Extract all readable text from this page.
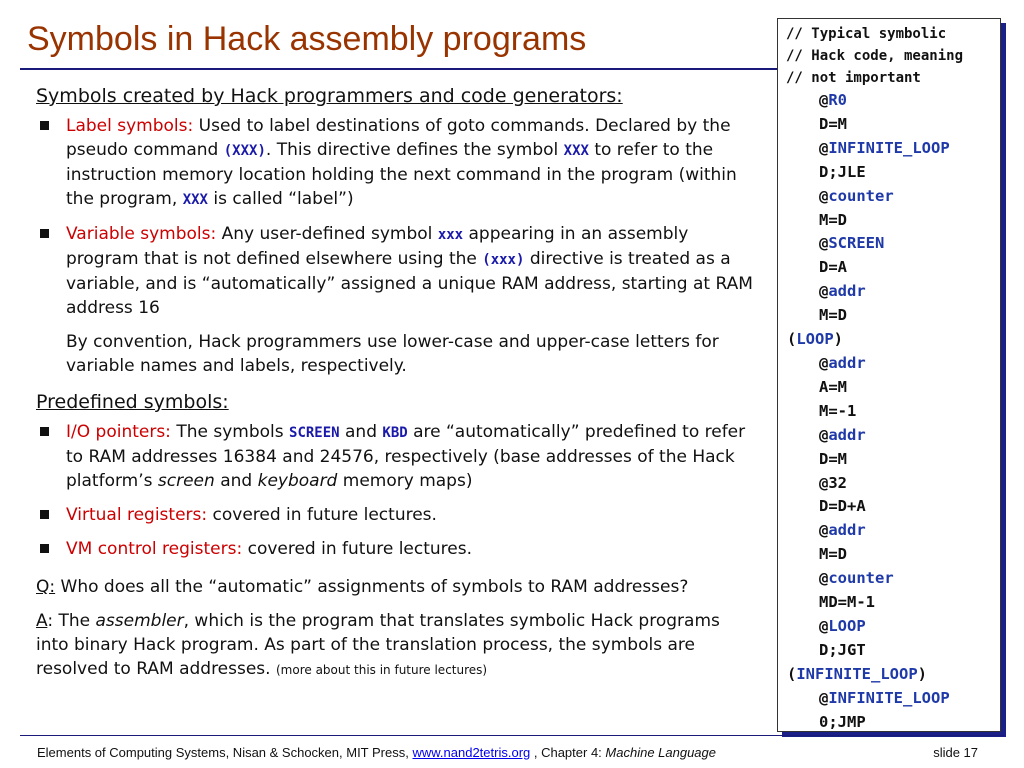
Symbols in Hack assembly programs
Symbols created by Hack programmers and code generators:
Label symbols: Used to label destinations of goto commands. Declared by the pseudo command (XXX). This directive defines the symbol XXX to refer to the instruction memory location holding the next command in the program (within the program, XXX is called “label”)
Variable symbols: Any user-defined symbol xxx appearing in an assembly program that is not defined elsewhere using the (xxx) directive is treated as a variable, and is “automatically” assigned a unique RAM address, starting at RAM address 16
By convention, Hack programmers use lower-case and upper-case letters for variable names and labels, respectively.
Predefined symbols:
I/O pointers: The symbols SCREEN and KBD are “automatically” predefined to refer to RAM addresses 16384 and 24576, respectively (base addresses of the Hack platform’s screen and keyboard memory maps)
Virtual registers: covered in future lectures.
VM control registers: covered in future lectures.
Q: Who does all the “automatic” assignments of symbols to RAM addresses?
A: The assembler, which is the program that translates symbolic Hack programs into binary Hack program. As part of the translation process, the symbols are resolved to RAM addresses. (more about this in future lectures)
// Typical symbolic
// Hack code, meaning
// not important
@R0
D=M
@INFINITE_LOOP
D;JLE
@counter
M=D
@SCREEN
D=A
@addr
M=D
(LOOP)
@addr
A=M
M=-1
@addr
D=M
@32
D=D+A
@addr
M=D
@counter
MD=M-1
@LOOP
D;JGT
(INFINITE_LOOP)
@INFINITE_LOOP
0;JMP
Elements of Computing Systems, Nisan & Schocken, MIT Press, www.nand2tetris.org , Chapter 4: Machine Language	slide 17
